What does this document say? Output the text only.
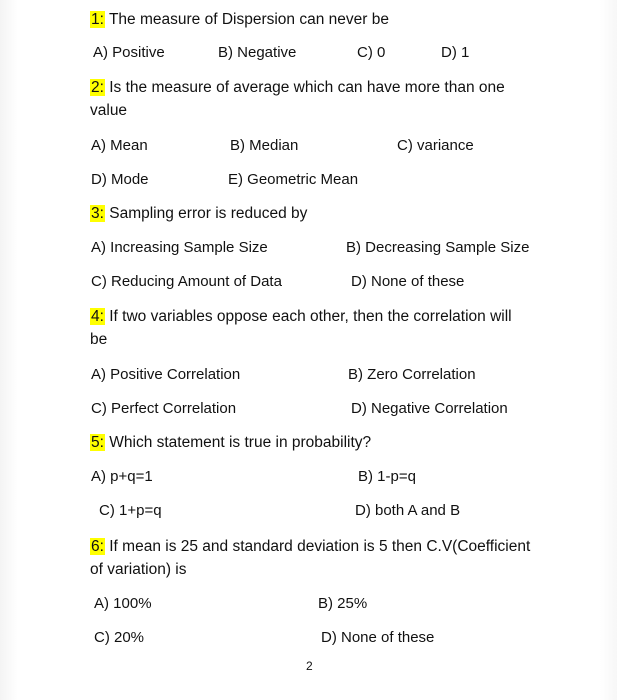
1: The measure of Dispersion can never be
A) Positive	B) Negative	C) 0	D) 1
2: Is the measure of average which can have more than one
value
A) Mean	B) Median	C) variance
D) Mode	E) Geometric Mean
3: Sampling error is reduced by
A) Increasing Sample Size	B) Decreasing Sample Size
C) Reducing Amount of Data	D) None of these
4: If two variables oppose each other, then the correlation will
be
A) Positive Correlation	B) Zero Correlation
C) Perfect Correlation	D) Negative Correlation
5: Which statement is true in probability?
A) p+q=1	B) 1-p=q
C) 1+p=q	D) both A and B
6: If mean is 25 and standard deviation is 5 then C.V(Coefficient
of variation) is
A) 100%	B) 25%
C) 20%	D) None of these
2
